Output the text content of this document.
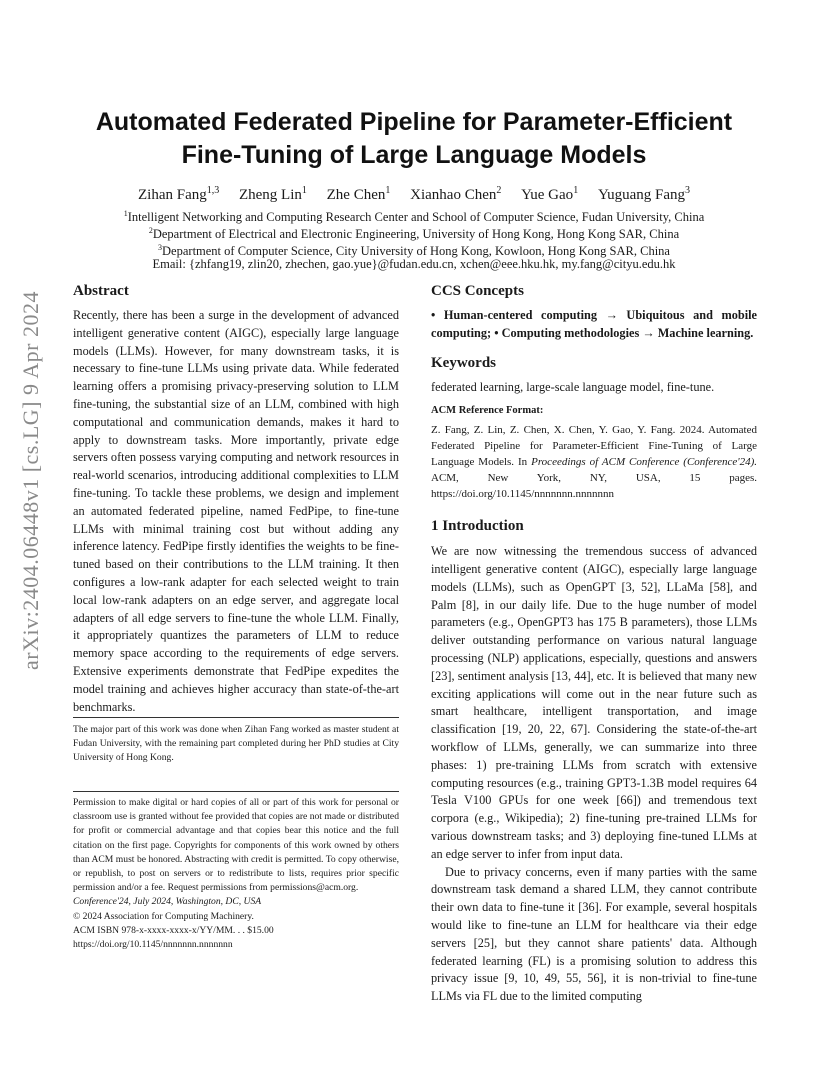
arXiv:2404.06448v1 [cs.LG] 9 Apr 2024
Automated Federated Pipeline for Parameter-Efficient
Fine-Tuning of Large Language Models
Zihan Fang$^{1,3}$ Zheng Lin$^1$ Zhe Chen$^1$ Xianhao Chen$^2$ Yue Gao$^1$ Yuguang Fang$^3$
$^1$Intelligent Networking and Computing Research Center and School of Computer Science, Fudan University, China
$^2$Department of Electrical and Electronic Engineering, University of Hong Kong, Hong Kong SAR, China
$^3$Department of Computer Science, City University of Hong Kong, Kowloon, Hong Kong SAR, China
Email: {zhfang19, zlin20, zhechen, gao.yue}@fudan.edu.cn, xchen@eee.hku.hk, my.fang@cityu.edu.hk

Abstract

Recently, there has been a surge in the development of advanced intelligent generative content (AIGC), especially large language models (LLMs). However, for many downstream tasks, it is necessary to fine-tune LLMs using private data. While federated learning offers a promising privacy-preserving solution to LLM fine-tuning, the substantial size of an LLM, combined with high computational and communication demands, makes it hard to apply to downstream tasks. More importantly, private edge servers often possess varying computing and network resources in real-world scenarios, introducing additional complexities to LLM fine-tuning. To tackle these problems, we design and implement an automated federated pipeline, named FedPipe, to fine-tune LLMs with minimal training cost but without adding any inference latency. FedPipe firstly identifies the weights to be fine-tuned based on their contributions to the LLM training. It then configures a low-rank adapter for each selected weight to train local low-rank adapters on an edge server, and aggregate local adapters of all edge servers to fine-tune the whole LLM. Finally, it appropriately quantizes the parameters of LLM to reduce memory space according to the requirements of edge servers. Extensive experiments demonstrate that FedPipe expedites the model training and achieves higher accuracy than state-of-the-art benchmarks.

The major part of this work was done when Zihan Fang worked as master student at Fudan University, with the remaining part completed during her PhD studies at City University of Hong Kong.

Permission to make digital or hard copies of all or part of this work for personal or classroom use is granted without fee provided that copies are not made or distributed for profit or commercial advantage and that copies bear this notice and the full citation on the first page. Copyrights for components of this work owned by others than ACM must be honored. Abstracting with credit is permitted. To copy otherwise, or republish, to post on servers or to redistribute to lists, requires prior specific permission and/or a fee. Request permissions from permissions@acm.org.

Conference'24, July 2024, Washington, DC, USA

© 2024 Association for Computing Machinery.

ACM ISBN 978-x-xxxx-xxxx-x/YY/MM. . . $15.00

https://doi.org/10.1145/nnnnnnn.nnnnnnn

CCS Concepts

• Human-centered computing → Ubiquitous and mobile computing; • Computing methodologies → Machine learning.

Keywords

federated learning, large-scale language model, fine-tune.

ACM Reference Format:

Z. Fang, Z. Lin, Z. Chen, X. Chen, Y. Gao, Y. Fang. 2024. Automated Federated Pipeline for Parameter-Efficient Fine-Tuning of Large Language Models. In Proceedings of ACM Conference (Conference'24). ACM, New York, NY, USA, 15 pages. https://doi.org/10.1145/nnnnnnn.nnnnnnn

1 Introduction

We are now witnessing the tremendous success of advanced intelligent generative content (AIGC), especially large language models (LLMs), such as OpenGPT [3, 52], LLaMa [58], and Palm [8], in our daily life. Due to the huge number of model parameters (e.g., OpenGPT3 has 175 B parameters), those LLMs deliver outstanding performance on various natural language processing (NLP) applications, especially, questions and answers [23], sentiment analysis [13, 44], etc. It is believed that many new exciting applications will come out in the near future such as smart healthcare, intelligent transportation, and image classification [19, 20, 22, 67]. Considering the state-of-the-art workflow of LLMs, generally, we can summarize into three phases: 1) pre-training LLMs from scratch with extensive computing resources (e.g., training GPT3-1.3B model requires 64 Tesla V100 GPUs for one week [66]) and tremendous text corpora (e.g., Wikipedia); 2) fine-tuning pre-trained LLMs for various downstream tasks; and 3) deploying fine-tuned LLMs at an edge server to infer from input data.

Due to privacy concerns, even if many parties with the same downstream task demand a shared LLM, they cannot contribute their own data to fine-tune it [36]. For example, several hospitals would like to fine-tune an LLM for healthcare via their edge servers [25], but they cannot share patients' data. Although federated learning (FL) is a promising solution to address this privacy issue [9, 10, 49, 55, 56], it is non-trivial to fine-tune LLMs via FL due to the limited computing
